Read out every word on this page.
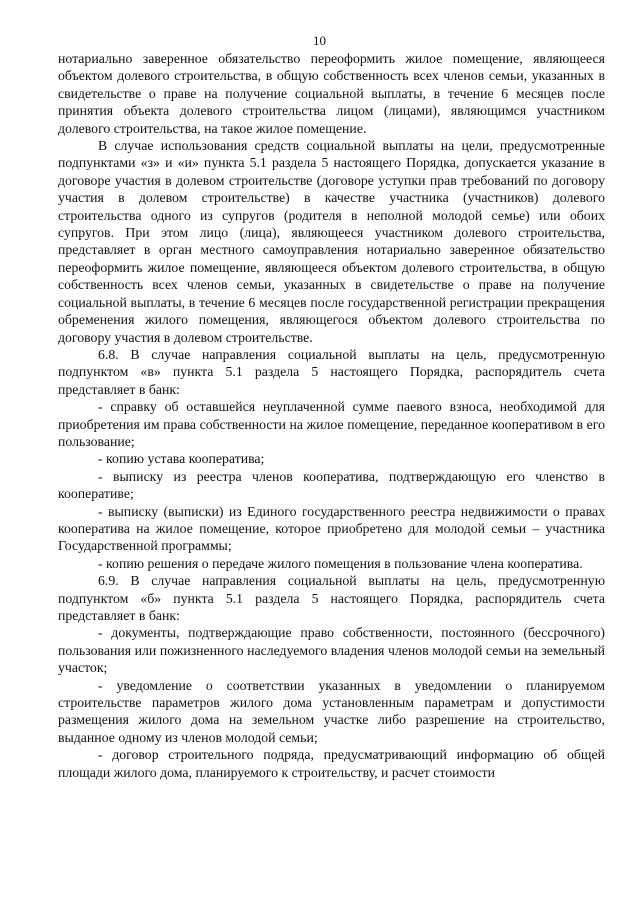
10

нотариально заверенное обязательство переоформить жилое помещение, являющееся объектом долевого строительства, в общую собственность всех членов семьи, указанных в свидетельстве о праве на получение социальной выплаты, в течение 6 месяцев после принятия объекта долевого строительства лицом (лицами), являющимся участником долевого строительства, на такое жилое помещение.

В случае использования средств социальной выплаты на цели, предусмотренные подпунктами «з» и «и» пункта 5.1 раздела 5 настоящего Порядка, допускается указание в договоре участия в долевом строительстве (договоре уступки прав требований по договору участия в долевом строительстве) в качестве участника (участников) долевого строительства одного из супругов (родителя в неполной молодой семье) или обоих супругов. При этом лицо (лица), являющееся участником долевого строительства, представляет в орган местного самоуправления нотариально заверенное обязательство переоформить жилое помещение, являющееся объектом долевого строительства, в общую собственность всех членов семьи, указанных в свидетельстве о праве на получение социальной выплаты, в течение 6 месяцев после государственной регистрации прекращения обременения жилого помещения, являющегося объектом долевого строительства по договору участия в долевом строительстве.

6.8. В случае направления социальной выплаты на цель, предусмотренную подпунктом «в» пункта 5.1 раздела 5 настоящего Порядка, распорядитель счета представляет в банк:

- справку об оставшейся неуплаченной сумме паевого взноса, необходимой для приобретения им права собственности на жилое помещение, переданное кооперативом в его пользование;

- копию устава кооператива;

- выписку из реестра членов кооператива, подтверждающую его членство в кооперативе;

- выписку (выписки) из Единого государственного реестра недвижимости о правах кооператива на жилое помещение, которое приобретено для молодой семьи – участника Государственной программы;

- копию решения о передаче жилого помещения в пользование члена кооператива.

6.9. В случае направления социальной выплаты на цель, предусмотренную подпунктом «б» пункта 5.1 раздела 5 настоящего Порядка, распорядитель счета представляет в банк:

- документы, подтверждающие право собственности, постоянного (бессрочного) пользования или пожизненного наследуемого владения членов молодой семьи на земельный участок;

- уведомление о соответствии указанных в уведомлении о планируемом строительстве параметров жилого дома установленным параметрам и допустимости размещения жилого дома на земельном участке либо разрешение на строительство, выданное одному из членов молодой семьи;

- договор строительного подряда, предусматривающий информацию об общей площади жилого дома, планируемого к строительству, и расчет стоимости
